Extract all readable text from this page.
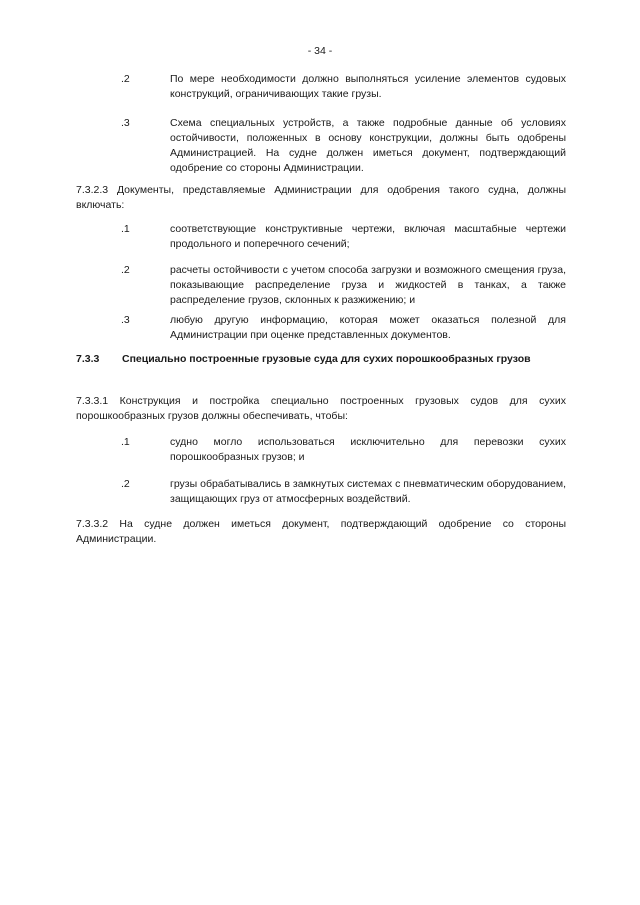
- 34 -
.2	По мере необходимости должно выполняться усиление элементов судовых конструкций, ограничивающих такие грузы.
.3	Схема специальных устройств, а также подробные данные об условиях остойчивости, положенных в основу конструкции, должны быть одобрены Администрацией. На судне должен иметься документ, подтверждающий одобрение со стороны Администрации.
7.3.2.3 Документы, представляемые Администрации для одобрения такого судна, должны включать:
.1	соответствующие конструктивные чертежи, включая масштабные чертежи продольного и поперечного сечений;
.2	расчеты остойчивости с учетом способа загрузки и возможного смещения груза, показывающие распределение груза и жидкостей в танках, а также распределение грузов, склонных к разжижению; и
.3	любую другую информацию, которая может оказаться полезной для Администрации при оценке представленных документов.
7.3.3 Специально построенные грузовые суда для сухих порошкообразных грузов
7.3.3.1 Конструкция и постройка специально построенных грузовых судов для сухих порошкообразных грузов должны обеспечивать, чтобы:
.1	судно могло использоваться исключительно для перевозки сухих порошкообразных грузов; и
.2	грузы обрабатывались в замкнутых системах с пневматическим оборудованием, защищающих груз от атмосферных воздействий.
7.3.3.2 На судне должен иметься документ, подтверждающий одобрение со стороны Администрации.
